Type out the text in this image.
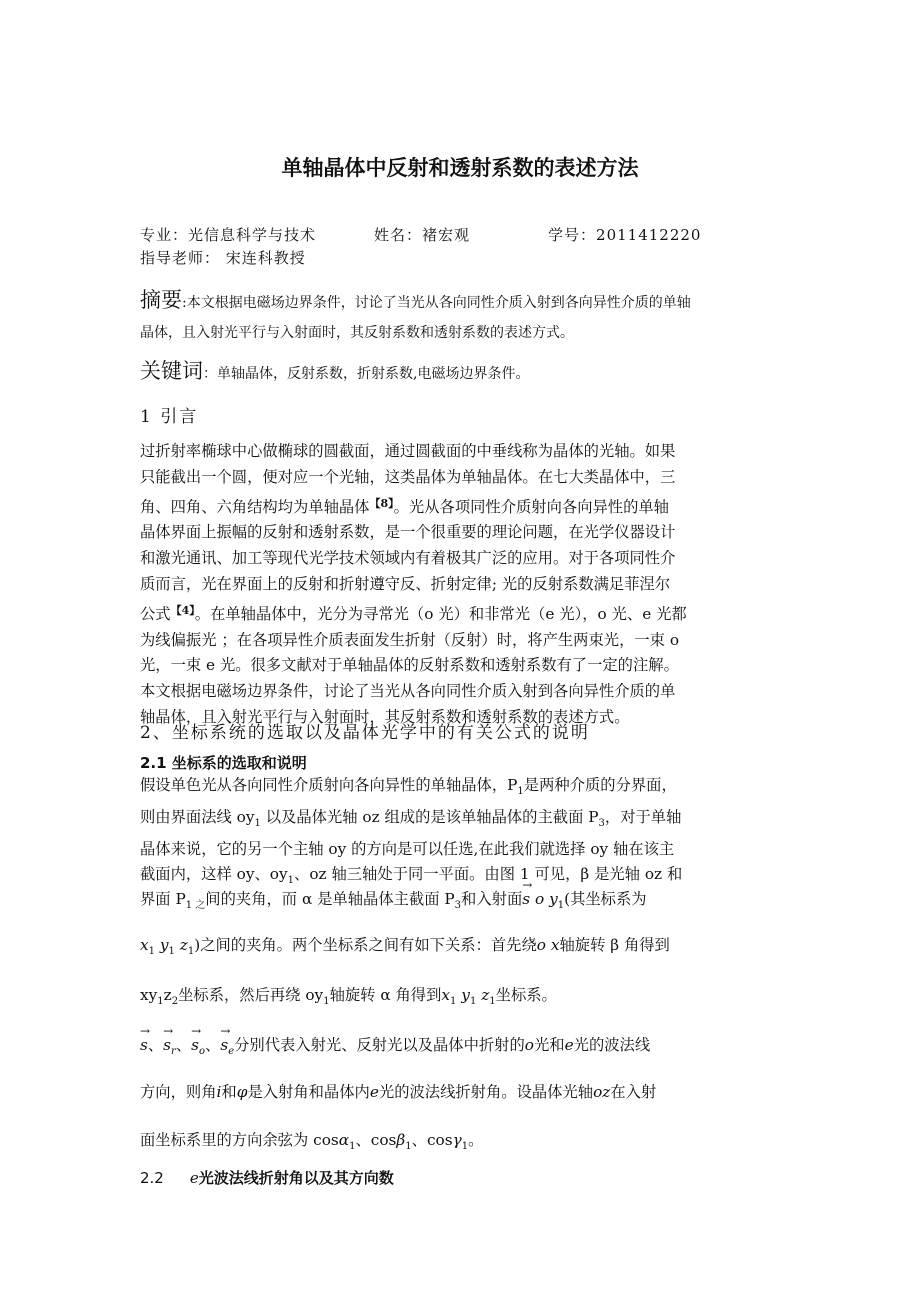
单轴晶体中反射和透射系数的表述方法
专业：光信息科学与技术	姓名：褚宏观	学号：2011412220
指导老师： 宋连科教授
摘要:本文根据电磁场边界条件，讨论了当光从各向同性介质入射到各向异性介质的单轴
晶体，且入射光平行与入射面时，其反射系数和透射系数的表述方式。
关键词：单轴晶体，反射系数，折射系数,电磁场边界条件。
1 引言

过折射率椭球中心做椭球的圆截面，通过圆截面的中垂线称为晶体的光轴。如果

只能截出一个圆，便对应一个光轴，这类晶体为单轴晶体。在七大类晶体中，三

角、四角、六角结构均为单轴晶体$^{【8】}$。光从各项同性介质射向各向异性的单轴

晶体界面上振幅的反射和透射系数，是一个很重要的理论问题，在光学仪器设计

和激光通讯、加工等现代光学技术领域内有着极其广泛的应用。对于各项同性介

质而言，光在界面上的反射和折射遵守反、折射定律; 光的反射系数满足菲涅尔

公式$^{【4】}$。在单轴晶体中，光分为寻常光（o 光）和非常光（e 光），o 光、e 光都

为线偏振光 ；在各项异性介质表面发生折射（反射）时，将产生两束光，一束 o

光，一束 e 光。很多文献对于单轴晶体的反射系数和透射系数有了一定的注解。

本文根据电磁场边界条件，讨论了当光从各向同性介质入射到各向异性介质的单

轴晶体，且入射光平行与入射面时，其反射系数和透射系数的表述方式。

2、坐标系统的选取以及晶体光学中的有关公式的说明
2.1 坐标系的选取和说明

假设单色光从各向同性介质射向各向异性的单轴晶体，$P_1$是两种介质的分界面，

则由界面法线 $oy_1$ 以及晶体光轴 oz 组成的是该单轴晶体的主截面 $P_3$，对于单轴

晶体来说，它的另一个主轴 oy 的方向是可以任选,在此我们就选择 oy 轴在该主

截面内，这样 oy、$oy_1$、oz 轴三轴处于同一平面。由图 1 可见，β 是光轴 oz 和

界面 $P_{1 之}$间的夹角，而 α 是单轴晶体主截面 $P_3$和入射面→ s o $y_1$(其坐标系为
$x_1$ $y_1$ $z_1$)之间的夹角。两个坐标系之间有如下关系：首先绕o x轴旋转 β 角得到
$xy_1z_2$坐标系，然后再绕 $oy_1$轴旋转 α 角得到$x_1$ $y_1$ $z_1$坐标系。
→ s、→ $s_r$、→ $s_o$、→ $s_e$分别代表入射光、反射光以及晶体中折射的o光和e光的波法线
方向，则角i和φ是入射角和晶体内e光的波法线折射角。设晶体光轴oz在入射
面坐标系里的方向余弦为 cosα$_1$、cosβ$_1$、cosγ$_1$。
2.2 e光波法线折射角以及其方向数
